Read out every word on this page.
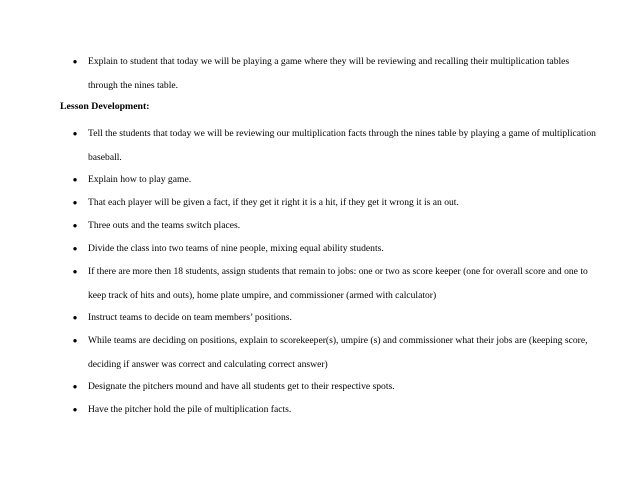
● Explain to student that today we will be playing a game where they will be reviewing and recalling their multiplication tables through the nines table.
Lesson Development:
● Tell the students that today we will be reviewing our multiplication facts through the nines table by playing a game of multiplication baseball.
● Explain how to play game.
● That each player will be given a fact, if they get it right it is a hit, if they get it wrong it is an out.
● Three outs and the teams switch places.
● Divide the class into two teams of nine people, mixing equal ability students.
● If there are more then 18 students, assign students that remain to jobs: one or two as score keeper (one for overall score and one to keep track of hits and outs), home plate umpire, and commissioner (armed with calculator)
● Instruct teams to decide on team members’ positions.
● While teams are deciding on positions, explain to scorekeeper(s), umpire (s) and commissioner what their jobs are (keeping score, deciding if answer was correct and calculating correct answer)
● Designate the pitchers mound and have all students get to their respective spots.
● Have the pitcher hold the pile of multiplication facts.
